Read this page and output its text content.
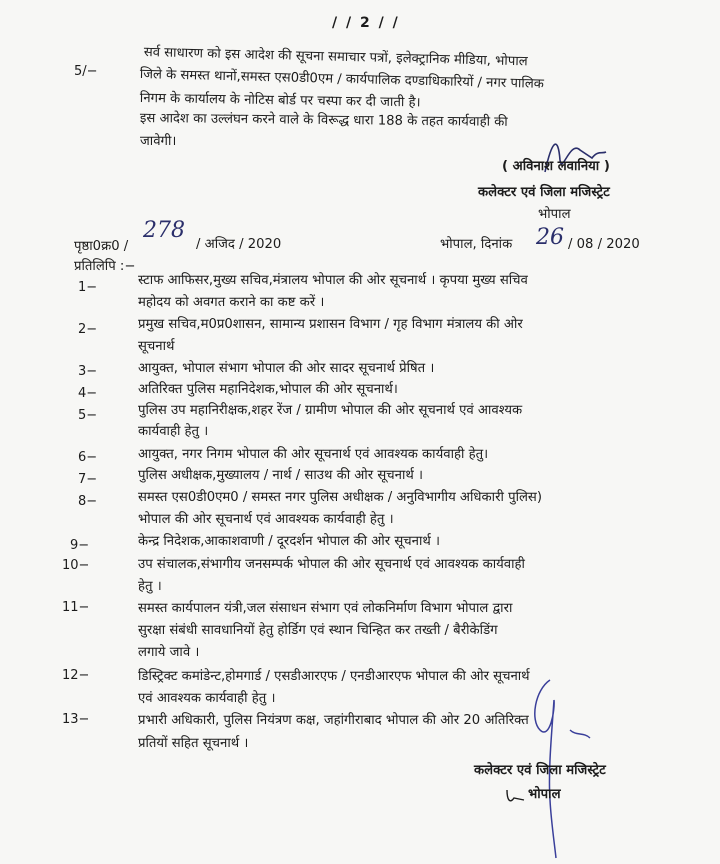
/ / 2 / /
5/−
सर्व साधारण को इस आदेश की सूचना समाचार पत्रों, इलेक्ट्रानिक मीडिया, भोपाल
जिले के समस्त थानों,समस्त एस0डी0एम / कार्यपालिक दण्डाधिकारियों / नगर पालिक
निगम के कार्यालय के नोटिस बोर्ड पर चस्पा कर दी जाती है।
इस आदेश का उल्लंघन करने वाले के विरूद्ध धारा 188 के तहत कार्यवाही की
जावेगी।
( अविनाश लवानिया )
कलेक्टर एवं जिला मजिस्ट्रेट
भोपाल
पृष्ठा0क्र0 /
278
/ अजिद / 2020	भोपाल, दिनांक 26 / 08 / 2020
प्रतिलिपि :−
1−	स्टाफ आफिसर,मुख्य सचिव,मंत्रालय भोपाल की ओर सूचनार्थ । कृपया मुख्य सचिव
महोदय को अवगत कराने का कष्ट करें ।
2−	प्रमुख सचिव,म0प्र0शासन, सामान्य प्रशासन विभाग / गृह विभाग मंत्रालय की ओर
सूचनार्थ
3−	आयुक्त, भोपाल संभाग भोपाल की ओर सादर सूचनार्थ प्रेषित ।
4−	अतिरिक्त पुलिस महानिदेशक,भोपाल की ओर सूचनार्थ।
5−	पुलिस उप महानिरीक्षक,शहर रेंज / ग्रामीण भोपाल की ओर सूचनार्थ एवं आवश्यक
कार्यवाही हेतु ।
6−	आयुक्त, नगर निगम भोपाल की ओर सूचनार्थ एवं आवश्यक कार्यवाही हेतु।
7−	पुलिस अधीक्षक,मुख्यालय / नार्थ / साउथ की ओर सूचनार्थ ।
8−	समस्त एस0डी0एम0 / समस्त नगर पुलिस अधीक्षक / अनुविभागीय अधिकारी पुलिस)
भोपाल की ओर सूचनार्थ एवं आवश्यक कार्यवाही हेतु ।
9−	केन्द्र निदेशक,आकाशवाणी / दूरदर्शन भोपाल की ओर सूचनार्थ ।
10−	उप संचालक,संभागीय जनसम्पर्क भोपाल की ओर सूचनार्थ एवं आवश्यक कार्यवाही
हेतु ।
11−	समस्त कार्यपालन यंत्री,जल संसाधन संभाग एवं लोकनिर्माण विभाग भोपाल द्वारा
सुरक्षा संबंधी सावधानियों हेतु होर्डिग एवं स्थान चिन्हित कर तख्ती / बैरीकेडिंग
लगाये जावे ।
12−	डिस्ट्रिक्ट कमांडेन्ट,होमगार्ड / एसडीआरएफ / एनडीआरएफ भोपाल की ओर सूचनार्थ
एवं आवश्यक कार्यवाही हेतु ।
13−	प्रभारी अधिकारी, पुलिस नियंत्रण कक्ष, जहांगीराबाद भोपाल की ओर 20 अतिरिक्त
प्रतियों सहित सूचनार्थ ।
कलेक्टर एवं जिला मजिस्ट्रेट
भोपाल
